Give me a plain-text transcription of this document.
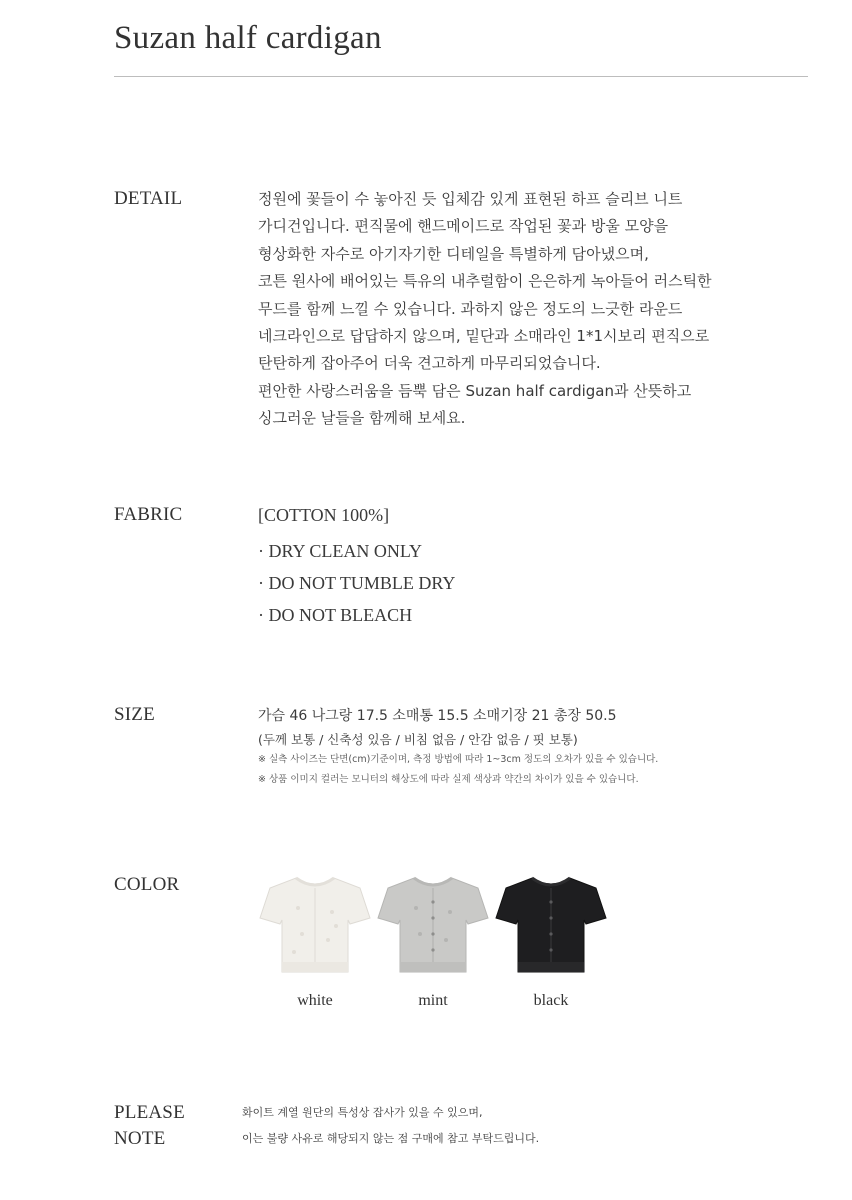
Suzan half cardigan
DETAIL	정원에 꽃들이 수 놓아진 듯 입체감 있게 표현된 하프 슬리브 니트
가디건입니다. 편직물에 핸드메이드로 작업된 꽃과 방울 모양을
형상화한 자수로 아기자기한 디테일을 특별하게 담아냈으며,
코튼 원사에 배어있는 특유의 내추럴함이 은은하게 녹아들어 러스틱한
무드를 함께 느낄 수 있습니다. 과하지 않은 정도의 느긋한 라운드
네크라인으로 답답하지 않으며, 밑단과 소매라인 1*1시보리 편직으로
탄탄하게 잡아주어 더욱 견고하게 마무리되었습니다.
편안한 사랑스러움을 듬뿍 담은 Suzan half cardigan과 산뜻하고
싱그러운 날들을 함께해 보세요.
FABRIC	[COTTON 100%]
· DRY CLEAN ONLY
· DO NOT TUMBLE DRY
· DO NOT BLEACH
SIZE	가슴 46 나그랑 17.5 소매통 15.5 소매기장 21 총장 50.5
(두께 보통 / 신축성 있음 / 비침 없음 / 안감 없음 / 핏 보통)
※ 실측 사이즈는 단면(cm)기준이며, 측정 방법에 따라 1~3cm 정도의 오차가 있을 수 있습니다.
※ 상품 이미지 컬러는 모니터의 해상도에 따라 실제 색상과 약간의 차이가 있을 수 있습니다.
COLOR
white	mint	black
PLEASE
NOTE
화이트 계열 원단의 특성상 잡사가 있을 수 있으며,
이는 불량 사유로 해당되지 않는 점 구매에 참고 부탁드립니다.
